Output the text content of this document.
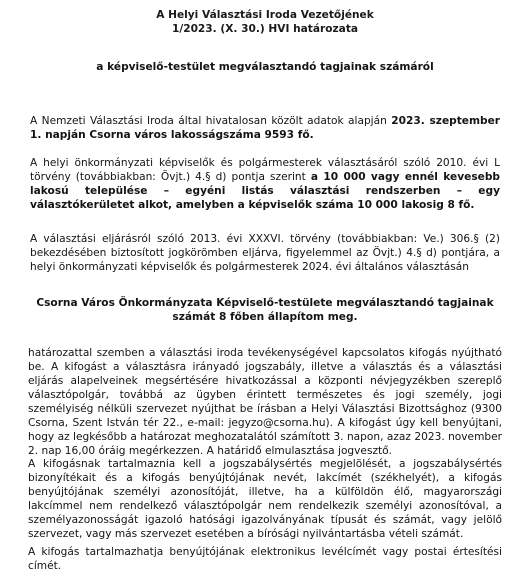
A Helyi Választási Iroda Vezetőjének
1/2023. (X. 30.) HVI határozata
a képviselő-testület megválasztandó tagjainak számáról

A Nemzeti Választási Iroda által hivatalosan közölt adatok alapján 2023. szeptember 1. napján Csorna város lakosságszáma 9593 fő.

A helyi önkormányzati képviselők és polgármesterek választásáról szóló 2010. évi L törvény (továbbiakban: Övjt.) 4.§ d) pontja szerint a 10 000 vagy ennél kevesebb lakosú települése – egyéni listás választási rendszerben – egy választókerületet alkot, amelyben a képviselők száma 10 000 lakosig 8 fő.

A választási eljárásról szóló 2013. évi XXXVI. törvény (továbbiakban: Ve.) 306.§ (2) bekezdésében biztosított jogkörömben eljárva, figyelemmel az Övjt.) 4.§ d) pontjára, a helyi önkormányzati képviselők és polgármesterek 2024. évi általános választásán

Csorna Város Önkormányzata Képviselő-testülete megválasztandó tagjainak
számát 8 főben állapítom meg.

határozattal szemben a választási iroda tevékenységével kapcsolatos kifogás nyújtható be. A kifogást a választásra irányadó jogszabály, illetve a választás és a választási eljárás alapelveinek megsértésére hivatkozással a központi névjegyzékben szereplő választópolgár, továbbá az ügyben érintett természetes és jogi személy, jogi személyiség nélküli szervezet nyújthat be írásban a Helyi Választási Bizottsághoz (9300 Csorna, Szent István tér 22., e-mail: jegyzo@csorna.hu). A kifogást úgy kell benyújtani, hogy az legkésőbb a határozat meghozatalától számított 3. napon, azaz 2023. november 2. nap 16,00 óráig megérkezzen. A határidő elmulasztása jogvesztő.

A kifogásnak tartalmaznia kell a jogszabálysértés megjelölését, a jogszabálysértés bizonyítékait és a kifogás benyújtójának nevét, lakcímét (székhelyét), a kifogás benyújtójának személyi azonosítóját, illetve, ha a külföldön élő, magyarországi lakcímmel nem rendelkező választópolgár nem rendelkezik személyi azonosítóval, a személyazonosságát igazoló hatósági igazolványának típusát és számát, vagy jelölő szervezet, vagy más szervezet esetében a bírósági nyilvántartásba vételi számát.

A kifogás tartalmazhatja benyújtójának elektronikus levélcímét vagy postai értesítési címét.
